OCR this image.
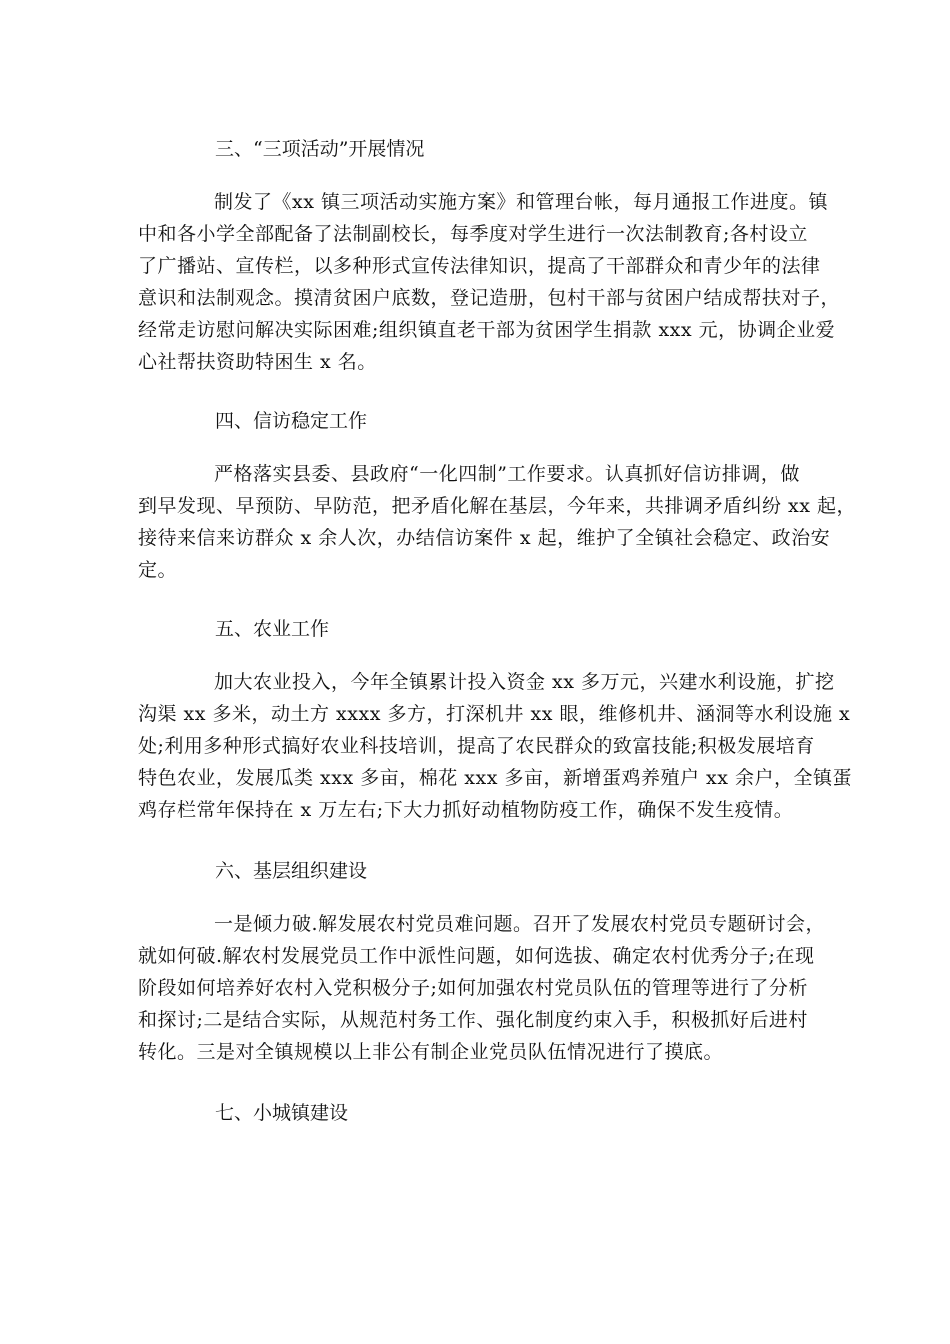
三、“三项活动”开展情况
制发了《xx 镇三项活动实施方案》和管理台帐，每月通报工作进度。镇
中和各小学全部配备了法制副校长，每季度对学生进行一次法制教育;各村设立
了广播站、宣传栏，以多种形式宣传法律知识，提高了干部群众和青少年的法律
意识和法制观念。摸清贫困户底数，登记造册，包村干部与贫困户结成帮扶对子，
经常走访慰问解决实际困难;组织镇直老干部为贫困学生捐款 xxx 元，协调企业爱
心社帮扶资助特困生 x 名。
四、信访稳定工作
严格落实县委、县政府“一化四制”工作要求。认真抓好信访排调，做
到早发现、早预防、早防范，把矛盾化解在基层，今年来，共排调矛盾纠纷 xx 起，
接待来信来访群众 x 余人次，办结信访案件 x 起，维护了全镇社会稳定、政治安
定。
五、农业工作
加大农业投入，今年全镇累计投入资金 xx 多万元，兴建水利设施，扩挖
沟渠 xx 多米，动土方 xxxx 多方，打深机井 xx 眼，维修机井、涵洞等水利设施 x
处;利用多种形式搞好农业科技培训，提高了农民群众的致富技能;积极发展培育
特色农业，发展瓜类 xxx 多亩，棉花 xxx 多亩，新增蛋鸡养殖户 xx 余户，全镇蛋
鸡存栏常年保持在 x 万左右;下大力抓好动植物防疫工作，确保不发生疫情。
六、基层组织建设
一是倾力破.解发展农村党员难问题。召开了发展农村党员专题研讨会，
就如何破.解农村发展党员工作中派性问题，如何选拔、确定农村优秀分子;在现
阶段如何培养好农村入党积极分子;如何加强农村党员队伍的管理等进行了分析
和探讨;二是结合实际，从规范村务工作、强化制度约束入手，积极抓好后进村
转化。三是对全镇规模以上非公有制企业党员队伍情况进行了摸底。
七、小城镇建设
